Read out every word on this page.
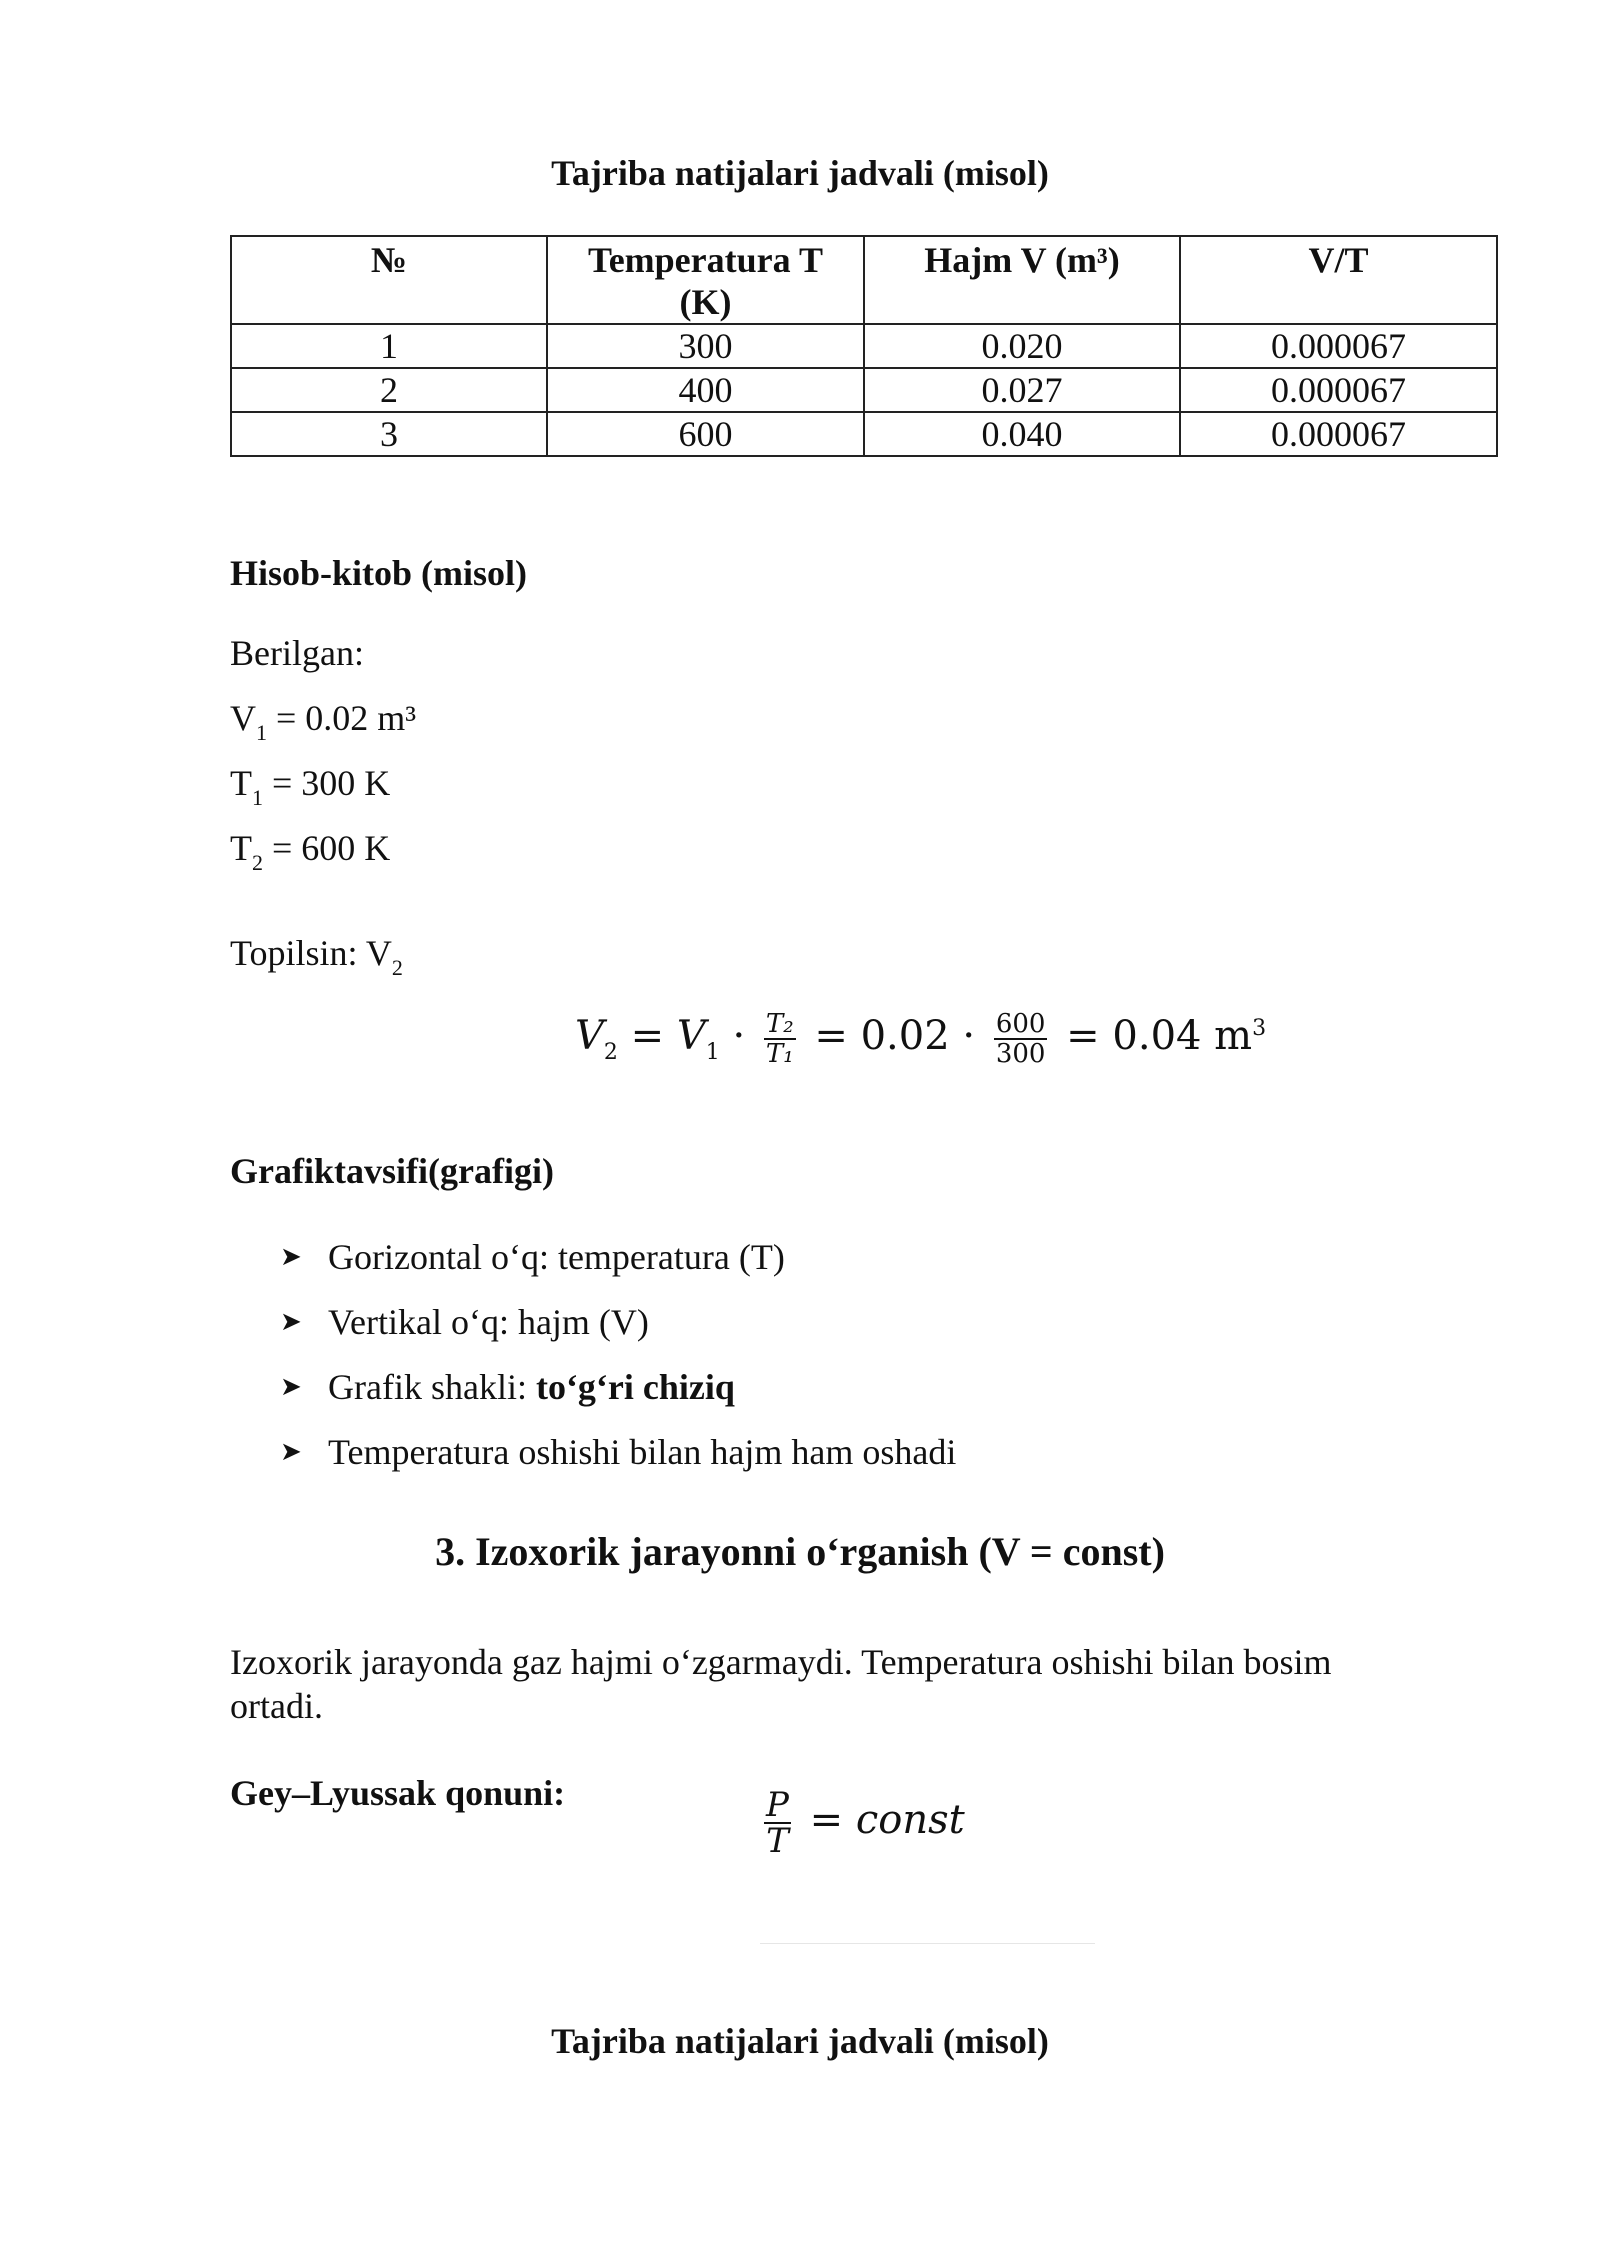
Tajriba natijalari jadvali (misol)
№	Temperatura T (K)	Hajm V (m³)	V/T
1	300	0.020	0.000067
2	400	0.027	0.000067
3	600	0.040	0.000067
Hisob-kitob (misol)
Berilgan:
$V_1 = 0.02$ m³
$T_1 = 300$ K
$T_2 = 600$ K
Topilsin: $V_2$
$V_2 = V_1 \cdot \frac{\text{T₂}}{\text{T₁}} = 0.02 \cdot \frac{600}{300} = 0.04$ $m^3$
Grafiktavsifi(grafigi)
➤ Gorizontal o‘q: temperatura (T)
➤ Vertikal o‘q: hajm (V)
➤ Grafik shakli: to‘g‘ri chiziq
➤ Temperatura oshishi bilan hajm ham oshadi
3. Izoxorik jarayonni o‘rganish (V = const)
Izoxorik jarayonda gaz hajmi o‘zgarmaydi. Temperatura oshishi bilan bosim
ortadi.
Gey–Lyussak qonuni:	$\frac{P}{T}$ = const
Tajriba natijalari jadvali (misol)
